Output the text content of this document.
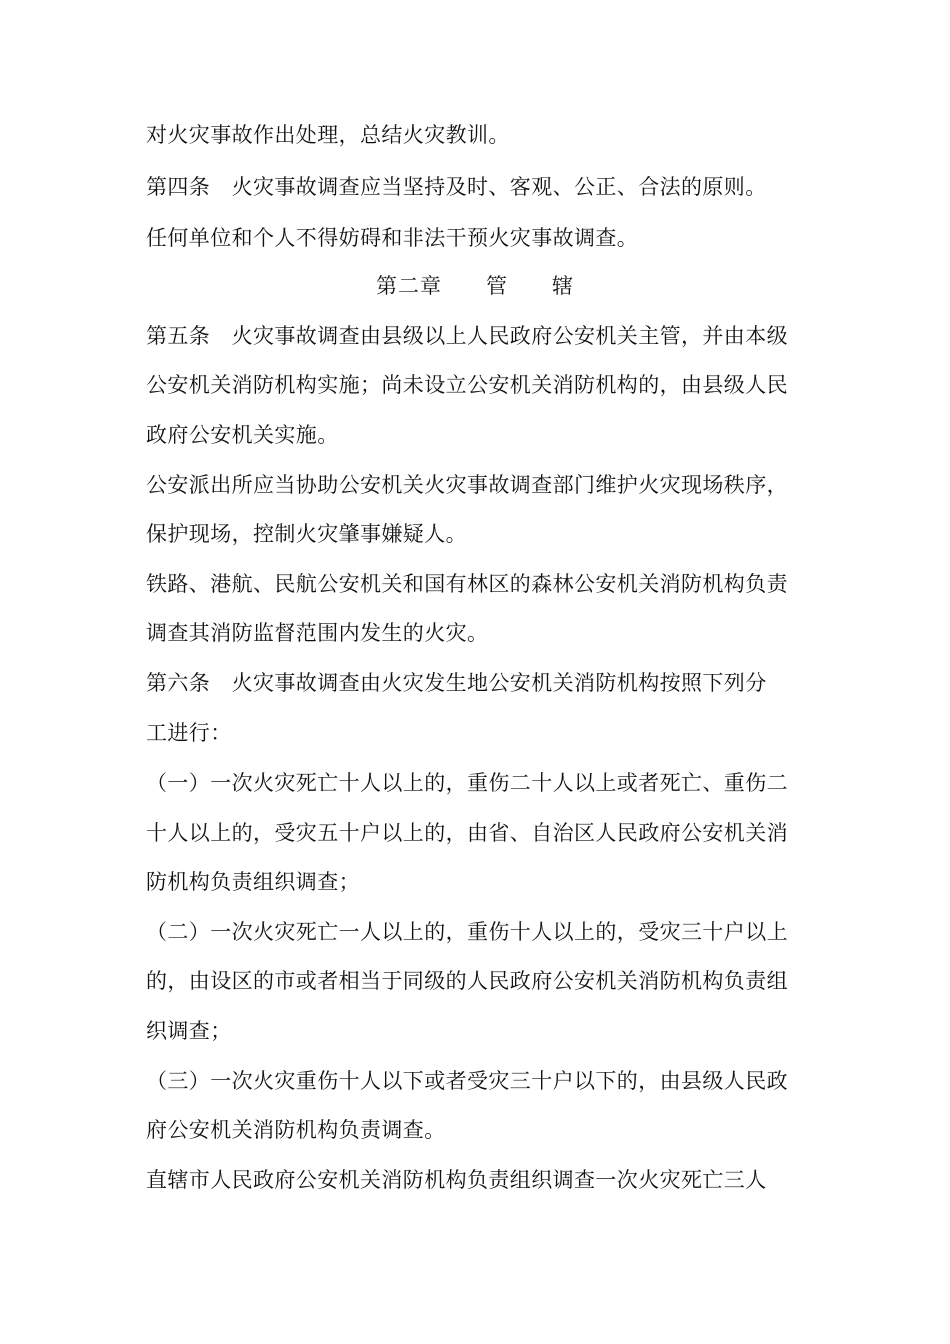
对火灾事故作出处理，总结火灾教训。
第四条　火灾事故调查应当坚持及时、客观、公正、合法的原则。
任何单位和个人不得妨碍和非法干预火灾事故调查。
第二章　　管　　辖
第五条　火灾事故调查由县级以上人民政府公安机关主管，并由本级
公安机关消防机构实施；尚未设立公安机关消防机构的，由县级人民
政府公安机关实施。
公安派出所应当协助公安机关火灾事故调查部门维护火灾现场秩序，
保护现场，控制火灾肇事嫌疑人。
铁路、港航、民航公安机关和国有林区的森林公安机关消防机构负责
调查其消防监督范围内发生的火灾。
第六条　火灾事故调查由火灾发生地公安机关消防机构按照下列分
工进行：
（一）一次火灾死亡十人以上的，重伤二十人以上或者死亡、重伤二
十人以上的，受灾五十户以上的，由省、自治区人民政府公安机关消
防机构负责组织调查；
（二）一次火灾死亡一人以上的，重伤十人以上的，受灾三十户以上
的，由设区的市或者相当于同级的人民政府公安机关消防机构负责组
织调查；
（三）一次火灾重伤十人以下或者受灾三十户以下的，由县级人民政
府公安机关消防机构负责调查。
直辖市人民政府公安机关消防机构负责组织调查一次火灾死亡三人
